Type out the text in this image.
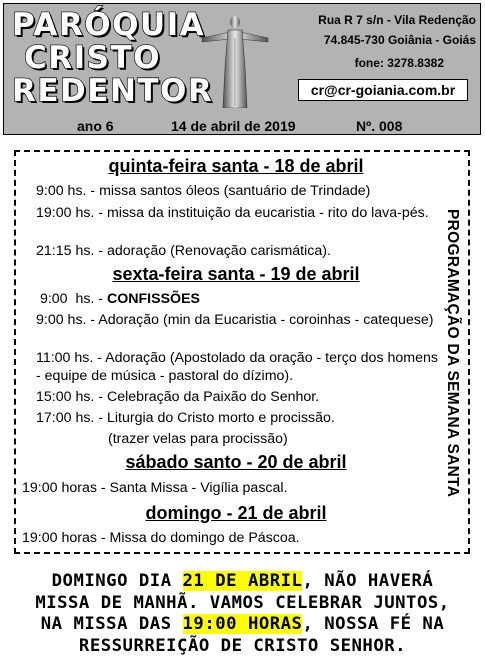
PARÓQUIA
CRISTO
REDENTOR
Rua R 7 s/n - Vila Redenção
74.845-730 Goiânia - Goiás
fone: 3278.8382
cr@cr-goiania.com.br
ano 6	14 de abril de 2019	Nº. 008
PROGRAMAÇÃO DA SEMANA SANTA
quinta-feira santa - 18 de abril
9:00 hs. - missa santos óleos (santuário de Trindade)
19:00 hs. - missa da instituição da eucaristia - rito do lava-pés.
21:15 hs. - adoração (Renovação carismática).
sexta-feira santa - 19 de abril
9:00  hs. - CONFISSÕES
9:00 hs. - Adoração (min da Eucaristia - coroinhas - catequese)
11:00 hs. - Adoração (Apostolado da oração - terço dos homens - equipe de música - pastoral do dízimo).
15:00 hs. - Celebração da Paixão do Senhor.
17:00 hs. - Liturgia do Cristo morto e procissão.
(trazer velas para procissão)
sábado santo - 20 de abril
19:00 horas - Santa Missa - Vigília pascal.
domingo - 21 de abril
19:00 horas - Missa do domingo de Páscoa.
DOMINGO DIA 21 DE ABRIL, NÃO HAVERÁ
MISSA DE MANHÃ. VAMOS CELEBRAR JUNTOS,
NA MISSA DAS 19:00 HORAS, NOSSA FÉ NA
RESSURREIÇÃO DE CRISTO SENHOR.
